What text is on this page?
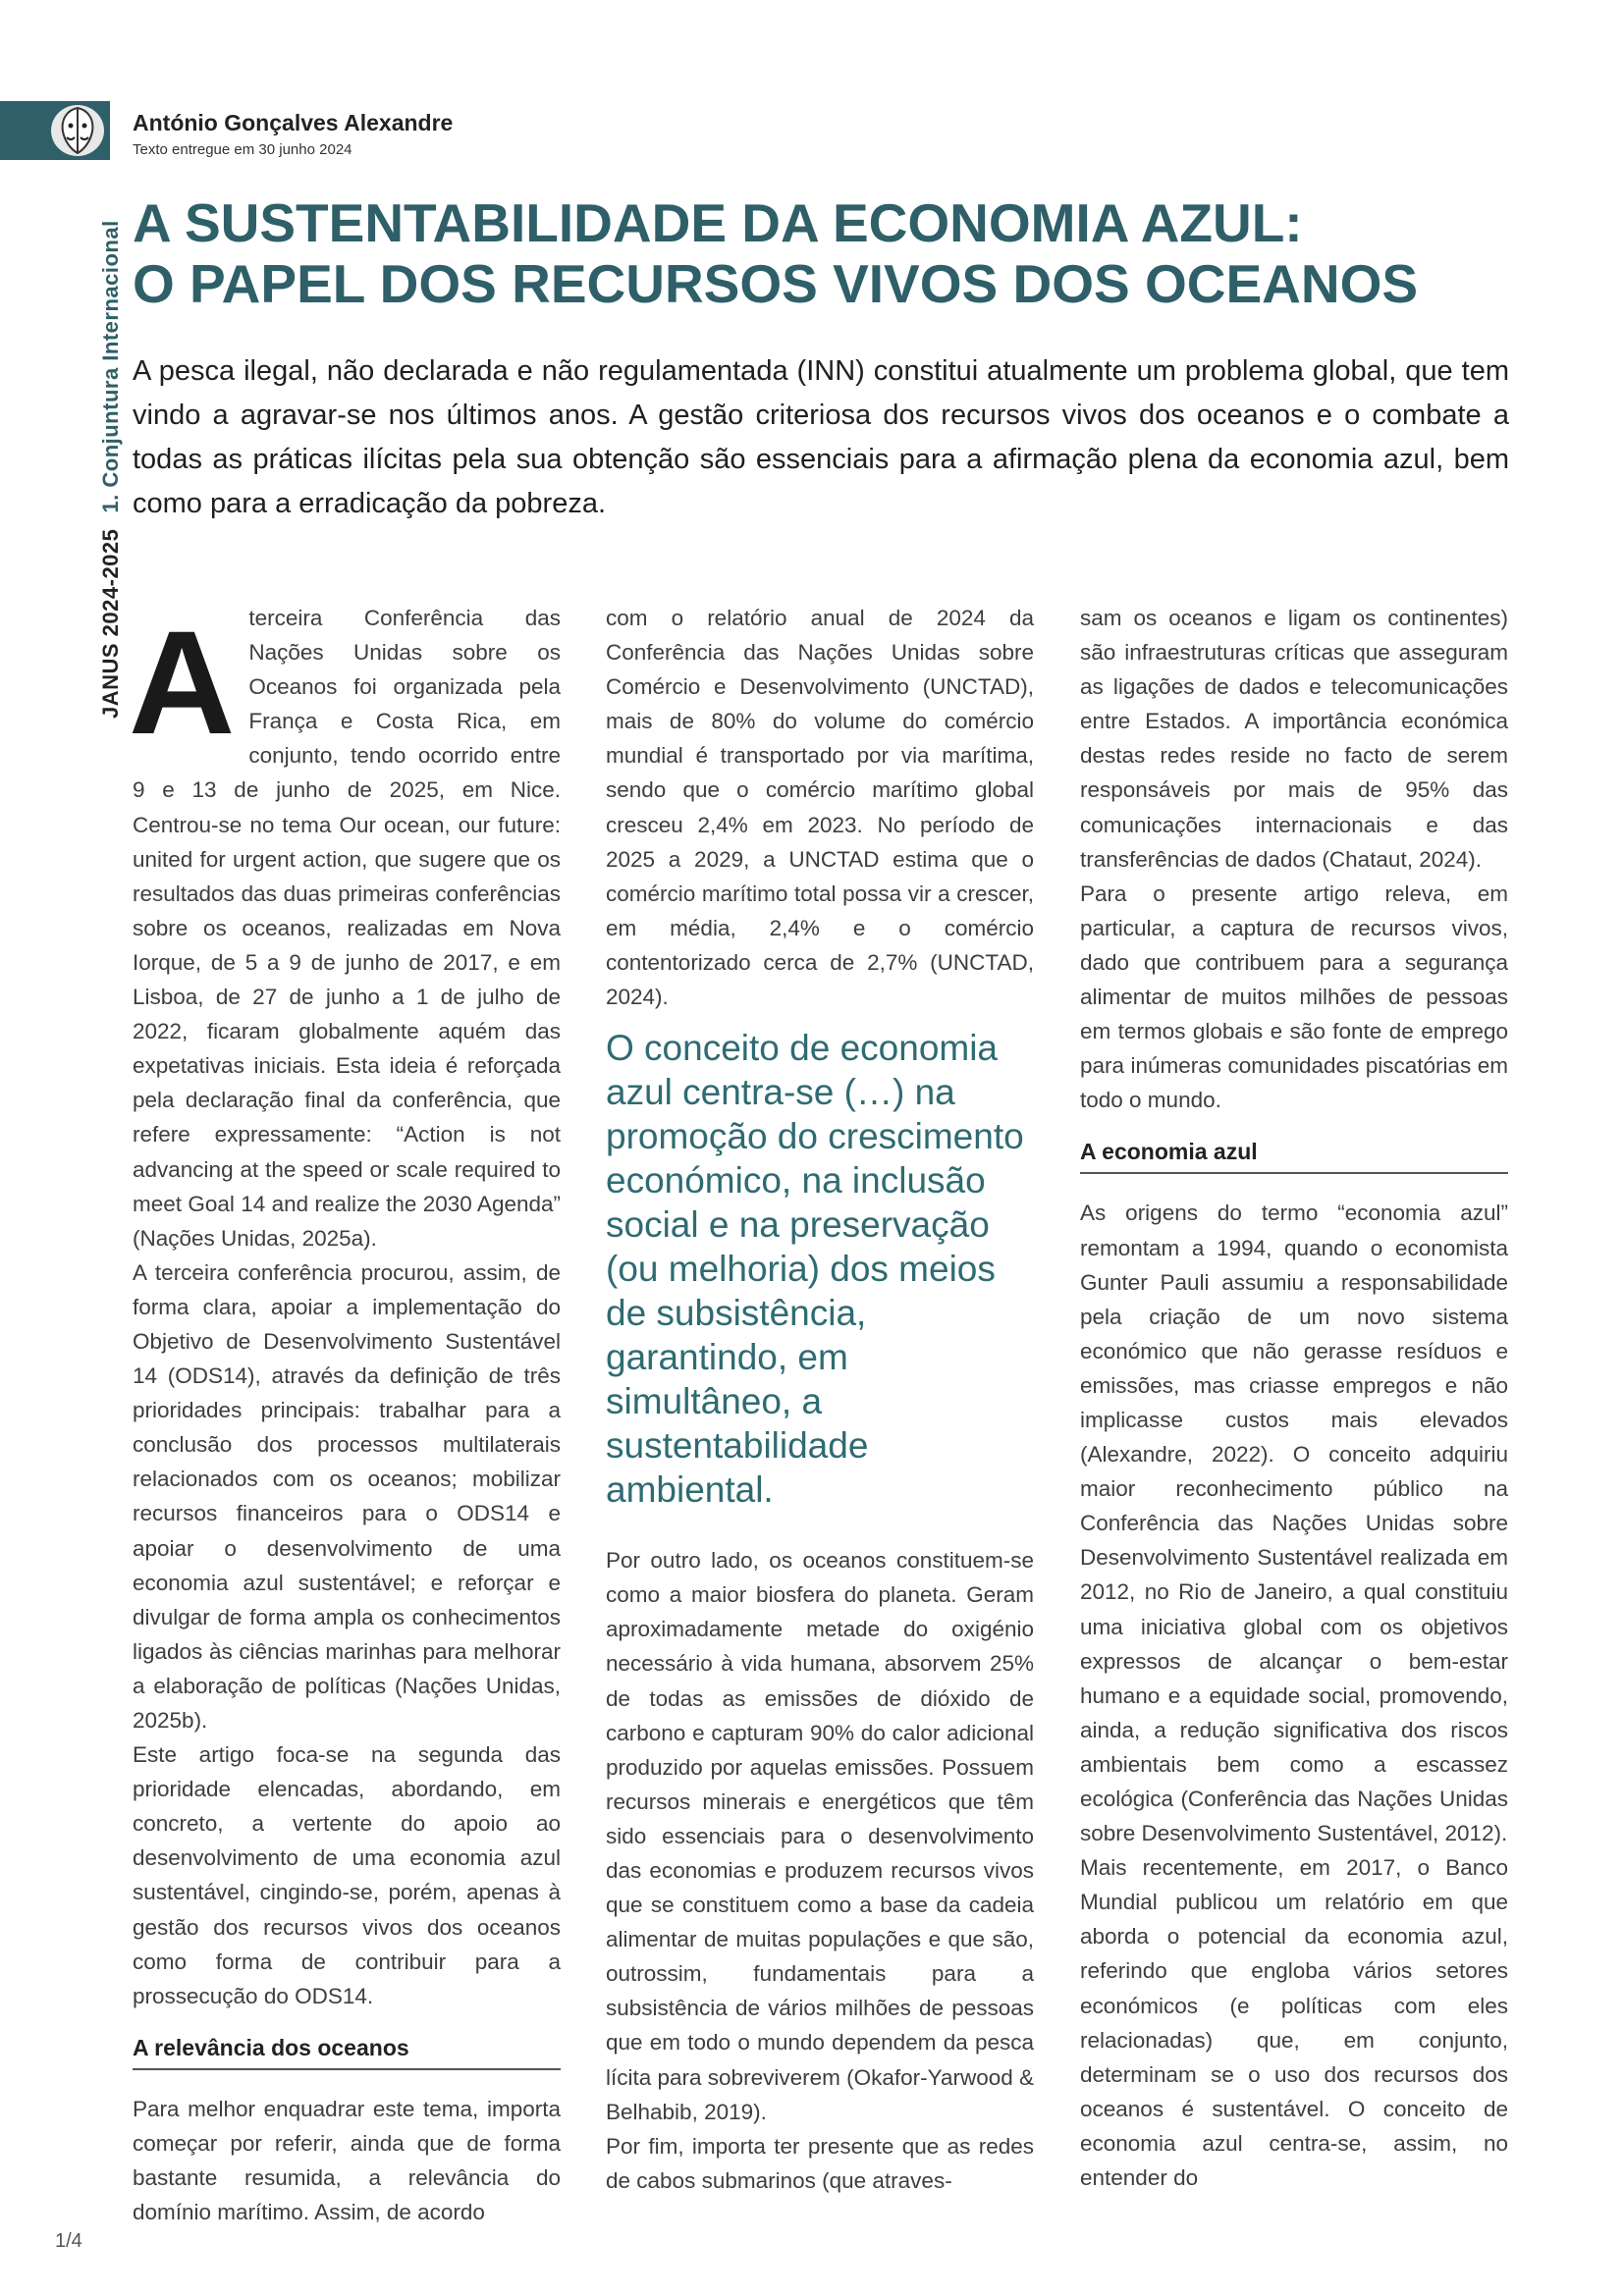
António Gonçalves Alexandre
Texto entregue em 30 junho 2024
JANUS 2024-20251. Conjuntura Internacional A SUSTENTABILIDADE DA ECONOMIA AZUL:
O PAPEL DOS RECURSOS VIVOS DOS OCEANOS

A pesca ilegal, não declarada e não regulamentada (INN) constitui atualmente um problema global, que tem vindo a agravar-se nos últimos anos. A gestão criteriosa dos recursos vivos dos oceanos e o combate a todas as práticas ilícitas pela sua obtenção são essenciais para a afirmação plena da economia azul, bem como para a erradicação da pobreza.

Aterceira Conferência das Nações Unidas sobre os Oceanos foi organizada pela França e Costa Rica, em conjunto, tendo ocorrido entre 9 e 13 de junho de 2025, em Nice. Centrou-se no tema Our ocean, our future: united for urgent action, que sugere que os resultados das duas primeiras conferências sobre os oceanos, realizadas em Nova Iorque, de 5 a 9 de junho de 2017, e em Lisboa, de 27 de junho a 1 de julho de 2022, ficaram globalmente aquém das expetativas iniciais. Esta ideia é reforçada pela declaração final da conferência, que refere expressamente: “Action is not advancing at the speed or scale required to meet Goal 14 and realize the 2030 Agenda” (Nações Unidas, 2025a).

A terceira conferência procurou, assim, de forma clara, apoiar a implementação do Objetivo de Desenvolvimento Sustentável 14 (ODS14), através da definição de três prioridades principais: trabalhar para a conclusão dos processos multilaterais relacionados com os oceanos; mobilizar recursos financeiros para o ODS14 e apoiar o desenvolvimento de uma economia azul sustentável; e reforçar e divulgar de forma ampla os conhecimentos ligados às ciências marinhas para melhorar a elaboração de políticas (Nações Unidas, 2025b).

Este artigo foca-se na segunda das prioridade elencadas, abordando, em concreto, a vertente do apoio ao desenvolvimento de uma economia azul sustentável, cingindo-se, porém, apenas à gestão dos recursos vivos dos oceanos como forma de contribuir para a prossecução do ODS14.

A relevância dos oceanos

Para melhor enquadrar este tema, importa começar por referir, ainda que de forma bastante resumida, a relevância do domínio marítimo. Assim, de acordo

com o relatório anual de 2024 da Conferência das Nações Unidas sobre Comércio e Desenvolvimento (UNCTAD), mais de 80% do volume do comércio mundial é transportado por via marítima, sendo que o comércio marítimo global cresceu 2,4% em 2023. No período de 2025 a 2029, a UNCTAD estima que o comércio marítimo total possa vir a crescer, em média, 2,4% e o comércio contentorizado cerca de 2,7% (UNCTAD, 2024).

O conceito de economia azul centra-se (…) na promoção do crescimento económico, na inclusão social e na preservação (ou melhoria) dos meios de subsistência, garantindo, em simultâneo, a sustentabilidade ambiental.

Por outro lado, os oceanos constituem-se como a maior biosfera do planeta. Geram aproximadamente metade do oxigénio necessário à vida humana, absorvem 25% de todas as emissões de dióxido de carbono e capturam 90% do calor adicional produzido por aquelas emissões. Possuem recursos minerais e energéticos que têm sido essenciais para o desenvolvimento das economias e produzem recursos vivos que se constituem como a base da cadeia alimentar de muitas populações e que são, outrossim, fundamentais para a subsistência de vários milhões de pessoas que em todo o mundo dependem da pesca lícita para sobreviverem (Okafor-Yarwood & Belhabib, 2019).

Por fim, importa ter presente que as redes de cabos submarinos (que atraves-

sam os oceanos e ligam os continentes) são infraestruturas críticas que asseguram as ligações de dados e telecomunicações entre Estados. A importância económica destas redes reside no facto de serem responsáveis por mais de 95% das comunicações internacionais e das transferências de dados (Chataut, 2024).

Para o presente artigo releva, em particular, a captura de recursos vivos, dado que contribuem para a segurança alimentar de muitos milhões de pessoas em termos globais e são fonte de emprego para inúmeras comunidades piscatórias em todo o mundo.

A economia azul

As origens do termo “economia azul” remontam a 1994, quando o economista Gunter Pauli assumiu a responsabilidade pela criação de um novo sistema económico que não gerasse resíduos e emissões, mas criasse empregos e não implicasse custos mais elevados (Alexandre, 2022). O conceito adquiriu maior reconhecimento público na Conferência das Nações Unidas sobre Desenvolvimento Sustentável realizada em 2012, no Rio de Janeiro, a qual constituiu uma iniciativa global com os objetivos expressos de alcançar o bem-estar humano e a equidade social, promovendo, ainda, a redução significativa dos riscos ambientais bem como a escassez ecológica (Conferência das Nações Unidas sobre Desenvolvimento Sustentável, 2012).

Mais recentemente, em 2017, o Banco Mundial publicou um relatório em que aborda o potencial da economia azul, referindo que engloba vários setores económicos (e políticas com eles relacionadas) que, em conjunto, determinam se o uso dos recursos dos oceanos é sustentável. O conceito de economia azul centra-se, assim, no entender do

1/4
